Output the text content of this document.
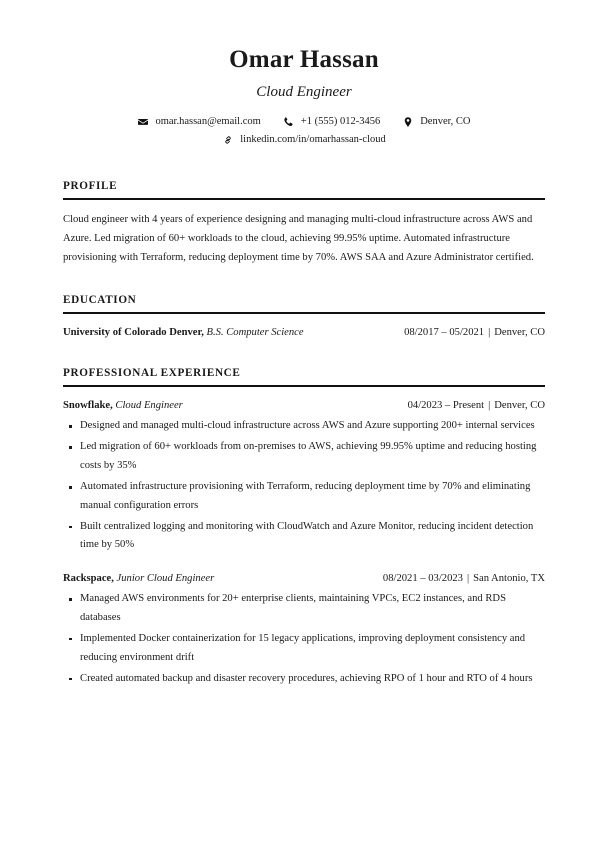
Omar Hassan
Cloud Engineer
omar.hassan@email.com	+1 (555) 012-3456	Denver, CO
linkedin.com/in/omarhassan-cloud
PROFILE

Cloud engineer with 4 years of experience designing and managing multi-cloud infrastructure across AWS and Azure. Led migration of 60+ workloads to the cloud, achieving 99.95% uptime. Automated infrastructure provisioning with Terraform, reducing deployment time by 70%. AWS SAA and Azure Administrator certified.

EDUCATION
University of Colorado Denver, B.S. Computer Science	08/2017 – 05/2021 | Denver, CO
PROFESSIONAL EXPERIENCE
Snowflake, Cloud Engineer	04/2023 – Present | Denver, CO
Designed and managed multi-cloud infrastructure across AWS and Azure supporting 200+ internal services
Led migration of 60+ workloads from on-premises to AWS, achieving 99.95% uptime and reducing hosting costs by 35%
Automated infrastructure provisioning with Terraform, reducing deployment time by 70% and eliminating manual configuration errors
Built centralized logging and monitoring with CloudWatch and Azure Monitor, reducing incident detection time by 50%
Rackspace, Junior Cloud Engineer	08/2021 – 03/2023 | San Antonio, TX
Managed AWS environments for 20+ enterprise clients, maintaining VPCs, EC2 instances, and RDS databases
Implemented Docker containerization for 15 legacy applications, improving deployment consistency and reducing environment drift
Created automated backup and disaster recovery procedures, achieving RPO of 1 hour and RTO of 4 hours
